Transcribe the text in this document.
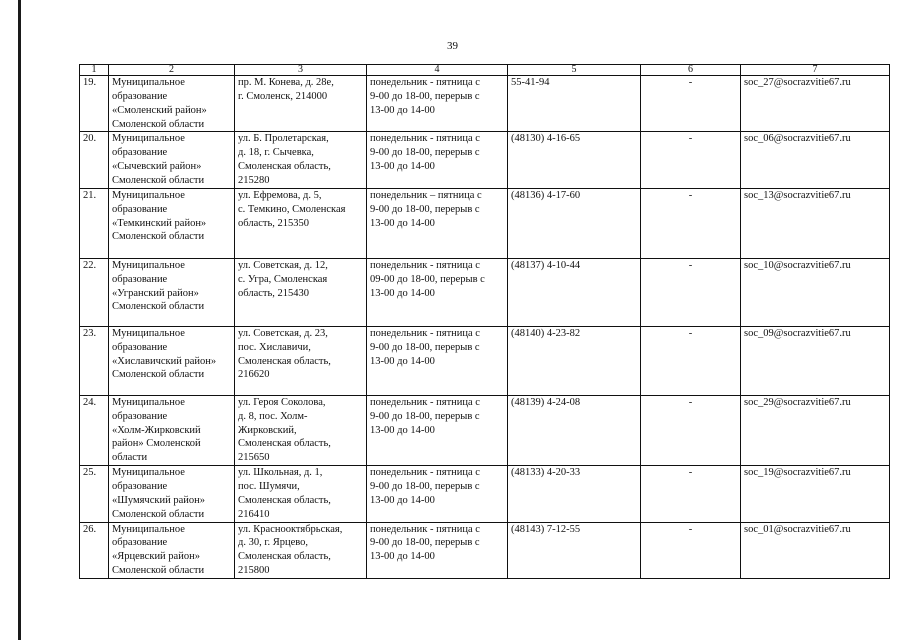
39
1	2	3	4	5	6	7
19.	Муниципальное
образование
«Смоленский район»
Смоленской области	пр. М. Конева, д. 28е,
г. Смоленск, 214000	понедельник - пятница с
9-00 до 18-00, перерыв с
13-00 до 14-00	55-41-94	-	soc_27@socrazvitie67.ru
20.	Муниципальное
образование
«Сычевский район»
Смоленской области	ул. Б. Пролетарская,
д. 18, г. Сычевка,
Смоленская область,
215280	понедельник - пятница с
9-00 до 18-00, перерыв с
13-00 до 14-00	(48130) 4-16-65	-	soc_06@socrazvitie67.ru
21.	Муниципальное
образование
«Темкинский район»
Смоленской области	ул. Ефремова, д. 5,
с. Темкино, Смоленская
область, 215350	понедельник – пятница с
9-00 до 18-00, перерыв с
13-00 до 14-00	(48136) 4-17-60	-	soc_13@socrazvitie67.ru
22.	Муниципальное
образование
«Угранский район»
Смоленской области	ул. Советская, д. 12,
с. Угра, Смоленская
область, 215430	понедельник - пятница с
09-00 до 18-00, перерыв с
13-00 до 14-00	(48137) 4-10-44	-	soc_10@socrazvitie67.ru
23.	Муниципальное
образование
«Хиславичский район»
Смоленской области	ул. Советская, д. 23,
пос. Хиславичи,
Смоленская область,
216620	понедельник - пятница с
9-00 до 18-00, перерыв с
13-00 до 14-00	(48140) 4-23-82	-	soc_09@socrazvitie67.ru
24.	Муниципальное
образование
«Холм-Жирковский
район» Смоленской
области	ул. Героя Соколова,
д. 8, пос. Холм-
Жирковский,
Смоленская область,
215650	понедельник - пятница с
9-00 до 18-00, перерыв с
13-00 до 14-00	(48139) 4-24-08	-	soc_29@socrazvitie67.ru
25.	Муниципальное
образование
«Шумячский район»
Смоленской области	ул. Школьная, д. 1,
пос. Шумячи,
Смоленская область,
216410	понедельник - пятница с
9-00 до 18-00, перерыв с
13-00 до 14-00	(48133) 4-20-33	-	soc_19@socrazvitie67.ru
26.	Муниципальное
образование
«Ярцевский район»
Смоленской области	ул. Краснооктябрьская,
д. 30, г. Ярцево,
Смоленская область,
215800	понедельник - пятница с
9-00 до 18-00, перерыв с
13-00 до 14-00	(48143) 7-12-55	-	soc_01@socrazvitie67.ru
